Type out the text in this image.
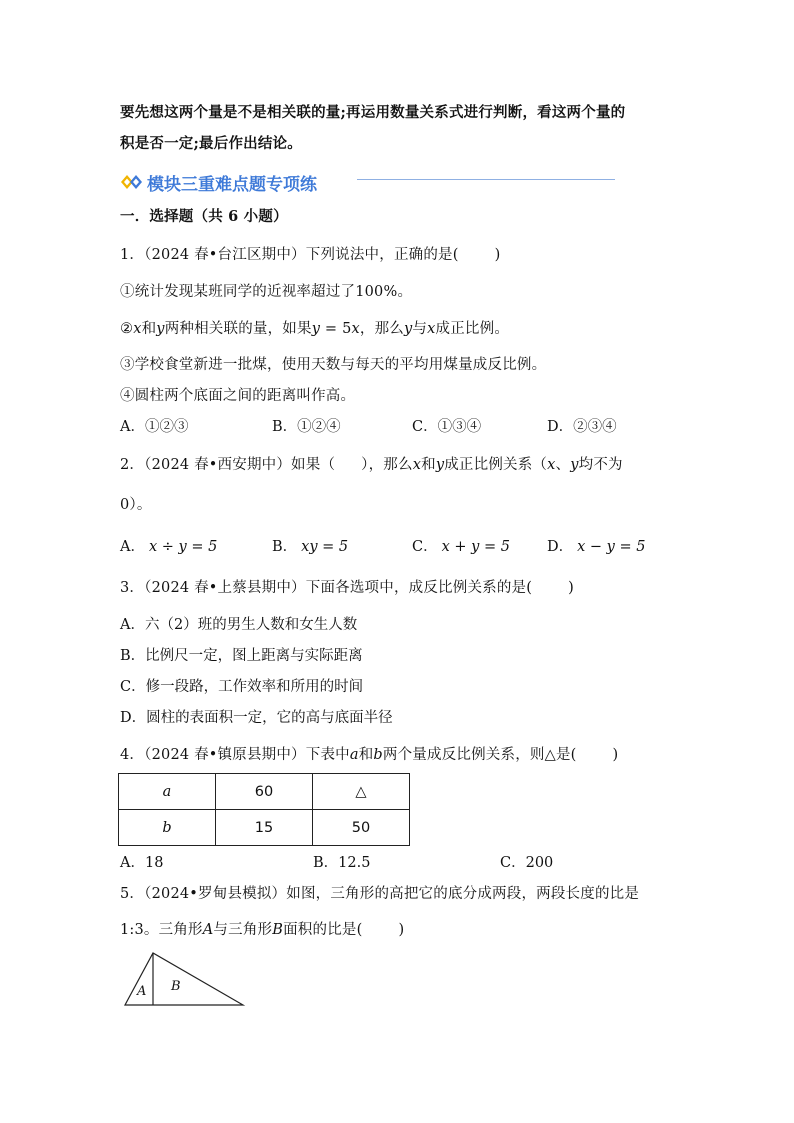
要先想这两个量是不是相关联的量;再运用数量关系式进行判断，看这两个量的
积是否一定;最后作出结论。
模块三重难点题专项练
一．选择题（共 6 小题）
1．（2024 春•台江区期中）下列说法中，正确的是( )
①统计发现某班同学的近视率超过了100%。
②x和y两种相关联的量，如果y = 5x，那么y与x成正比例。
③学校食堂新进一批煤，使用天数与每天的平均用煤量成反比例。
④圆柱两个底面之间的距离叫作高。
A．①②③	B．①②④	C．①③④	D．②③④
2．（2024 春•西安期中）如果（ ），那么x和y成正比例关系（x、y均不为
0）。
A． x ÷ y = 5	B． xy = 5	C． x + y = 5	D． x − y = 5
3．（2024 春•上蔡县期中）下面各选项中，成反比例关系的是( )
A．六（2）班的男生人数和女生人数
B．比例尺一定，图上距离与实际距离
C．修一段路，工作效率和所用的时间
D．圆柱的表面积一定，它的高与底面半径
4．（2024 春•镇原县期中）下表中a和b两个量成反比例关系，则△是( )
a	60	△
b	15	50
A．18	B．12.5	C．200
5．（2024•罗甸县模拟）如图，三角形的高把它的底分成两段，两段长度的比是
1:3。三角形A与三角形B面积的比是( )
A B
